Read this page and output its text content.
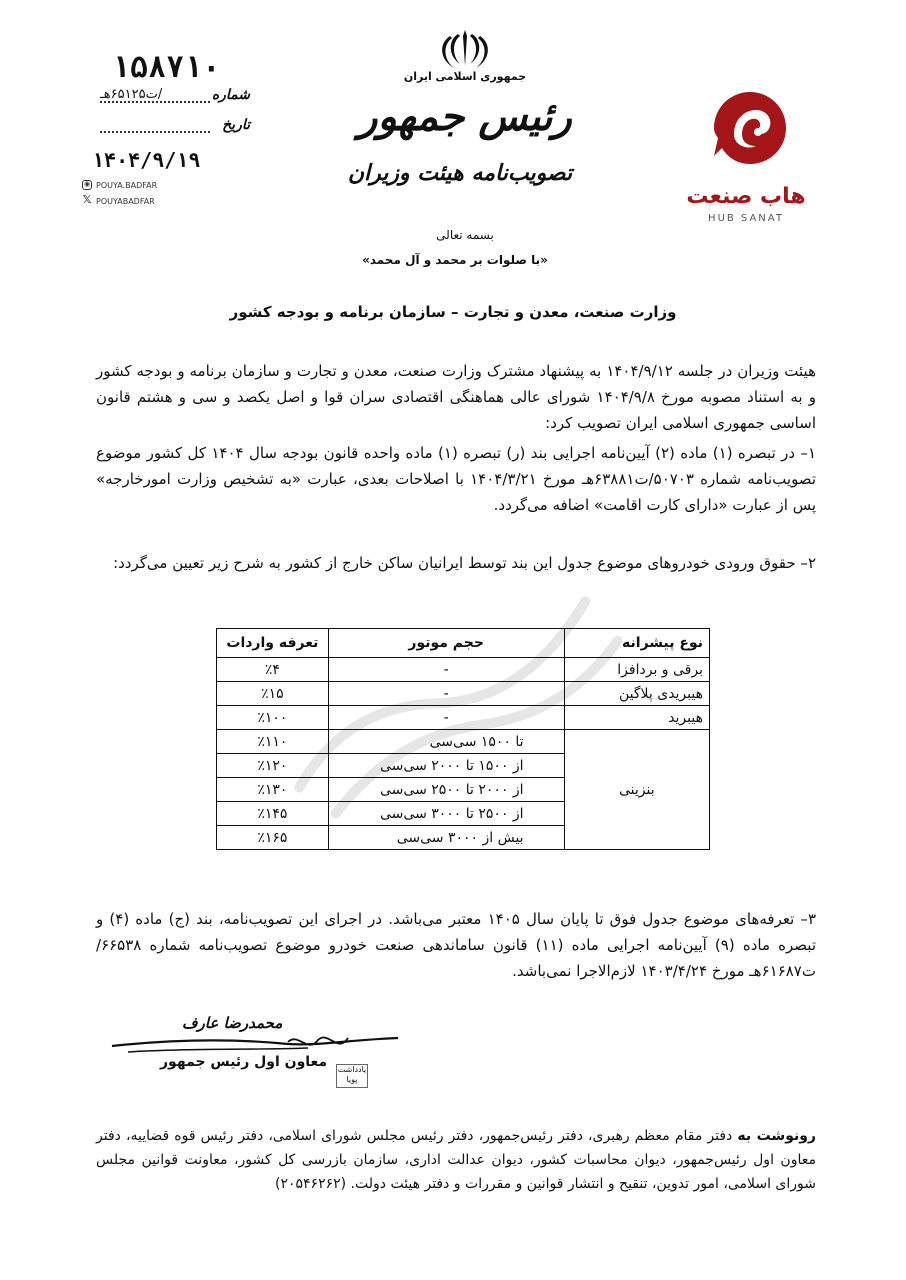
۱۵۸۷۱۰
شماره
/ت۶۵۱۲۵هـ
تاریخ
۱۴۰۴/۹/۱۹
◉ POUYA.BADFAR
𝕏 POUYABADFAR
جمهوری اسلامی ایران
رئیس جمهور
تصویب‌نامه هیئت وزیران
بسمه تعالی
«با صلوات بر محمد و آل محمد»
هاب صنعت
HUB SANAT
وزارت صنعت، معدن و تجارت – سازمان برنامه و بودجه کشور
هیئت وزیران در جلسه ۱۴۰۴/۹/۱۲ به پیشنهاد مشترک وزارت صنعت، معدن و تجارت و سازمان برنامه و بودجه کشور و به استناد مصوبه مورخ ۱۴۰۴/۹/۸ شورای عالی هماهنگی اقتصادی سران قوا و اصل یکصد و سی و هشتم قانون اساسی جمهوری اسلامی ایران تصویب کرد:
۱– در تبصره (۱) ماده (۲) آیین‌نامه اجرایی بند (ر) تبصره (۱) ماده واحده قانون بودجه سال ۱۴۰۴ کل کشور موضوع تصویب‌نامه شماره ۵۰۷۰۳/ت۶۳۸۸۱هـ مورخ ۱۴۰۴/۳/۲۱ با اصلاحات بعدی، عبارت «به تشخیص وزارت امورخارجه» پس از عبارت «دارای کارت اقامت» اضافه می‌گردد.
۲– حقوق ورودی خودروهای موضوع جدول این بند توسط ایرانیان ساکن خارج از کشور به شرح زیر تعیین می‌گردد:
نوع پیشرانه	حجم موتور	تعرفه واردات
برقی و بردافزا	-	٪۴
هیبریدی پلاگین	-	٪۱۵
هیبرید	-	٪۱۰۰
بنزینی	تا ۱۵۰۰ سی‌سی	٪۱۱۰
	از ۱۵۰۰ تا ۲۰۰۰ سی‌سی	٪۱۲۰
	از ۲۰۰۰ تا ۲۵۰۰ سی‌سی	٪۱۳۰
	از ۲۵۰۰ تا ۳۰۰۰ سی‌سی	٪۱۴۵
	بیش از ۳۰۰۰ سی‌سی	٪۱۶۵
۳– تعرفه‌های موضوع جدول فوق تا پایان سال ۱۴۰۵ معتبر می‌باشد. در اجرای این تصویب‌نامه، بند (ج) ماده (۴) و تبصره ماده (۹) آیین‌نامه اجرایی ماده (۱۱) قانون ساماندهی صنعت خودرو موضوع تصویب‌نامه شماره ۶۶۵۳۸/ت۶۱۶۸۷هـ مورخ ۱۴۰۳/۴/۲۴ لازم‌الاجرا نمی‌باشد.
محمدرضا عارف
معاون اول رئیس جمهور یادداشت پویا
رونوشت به دفتر مقام معظم رهبری، دفتر رئیس‌جمهور، دفتر رئیس مجلس شورای اسلامی، دفتر رئیس قوه قضاییه، دفتر معاون اول رئیس‌جمهور، دیوان محاسبات کشور، دیوان عدالت اداری، سازمان بازرسی کل کشور، معاونت قوانین مجلس شورای اسلامی، امور تدوین، تنقیح و انتشار قوانین و مقررات و دفتر هیئت دولت. (۲۰۵۴۶۲۶۲)
